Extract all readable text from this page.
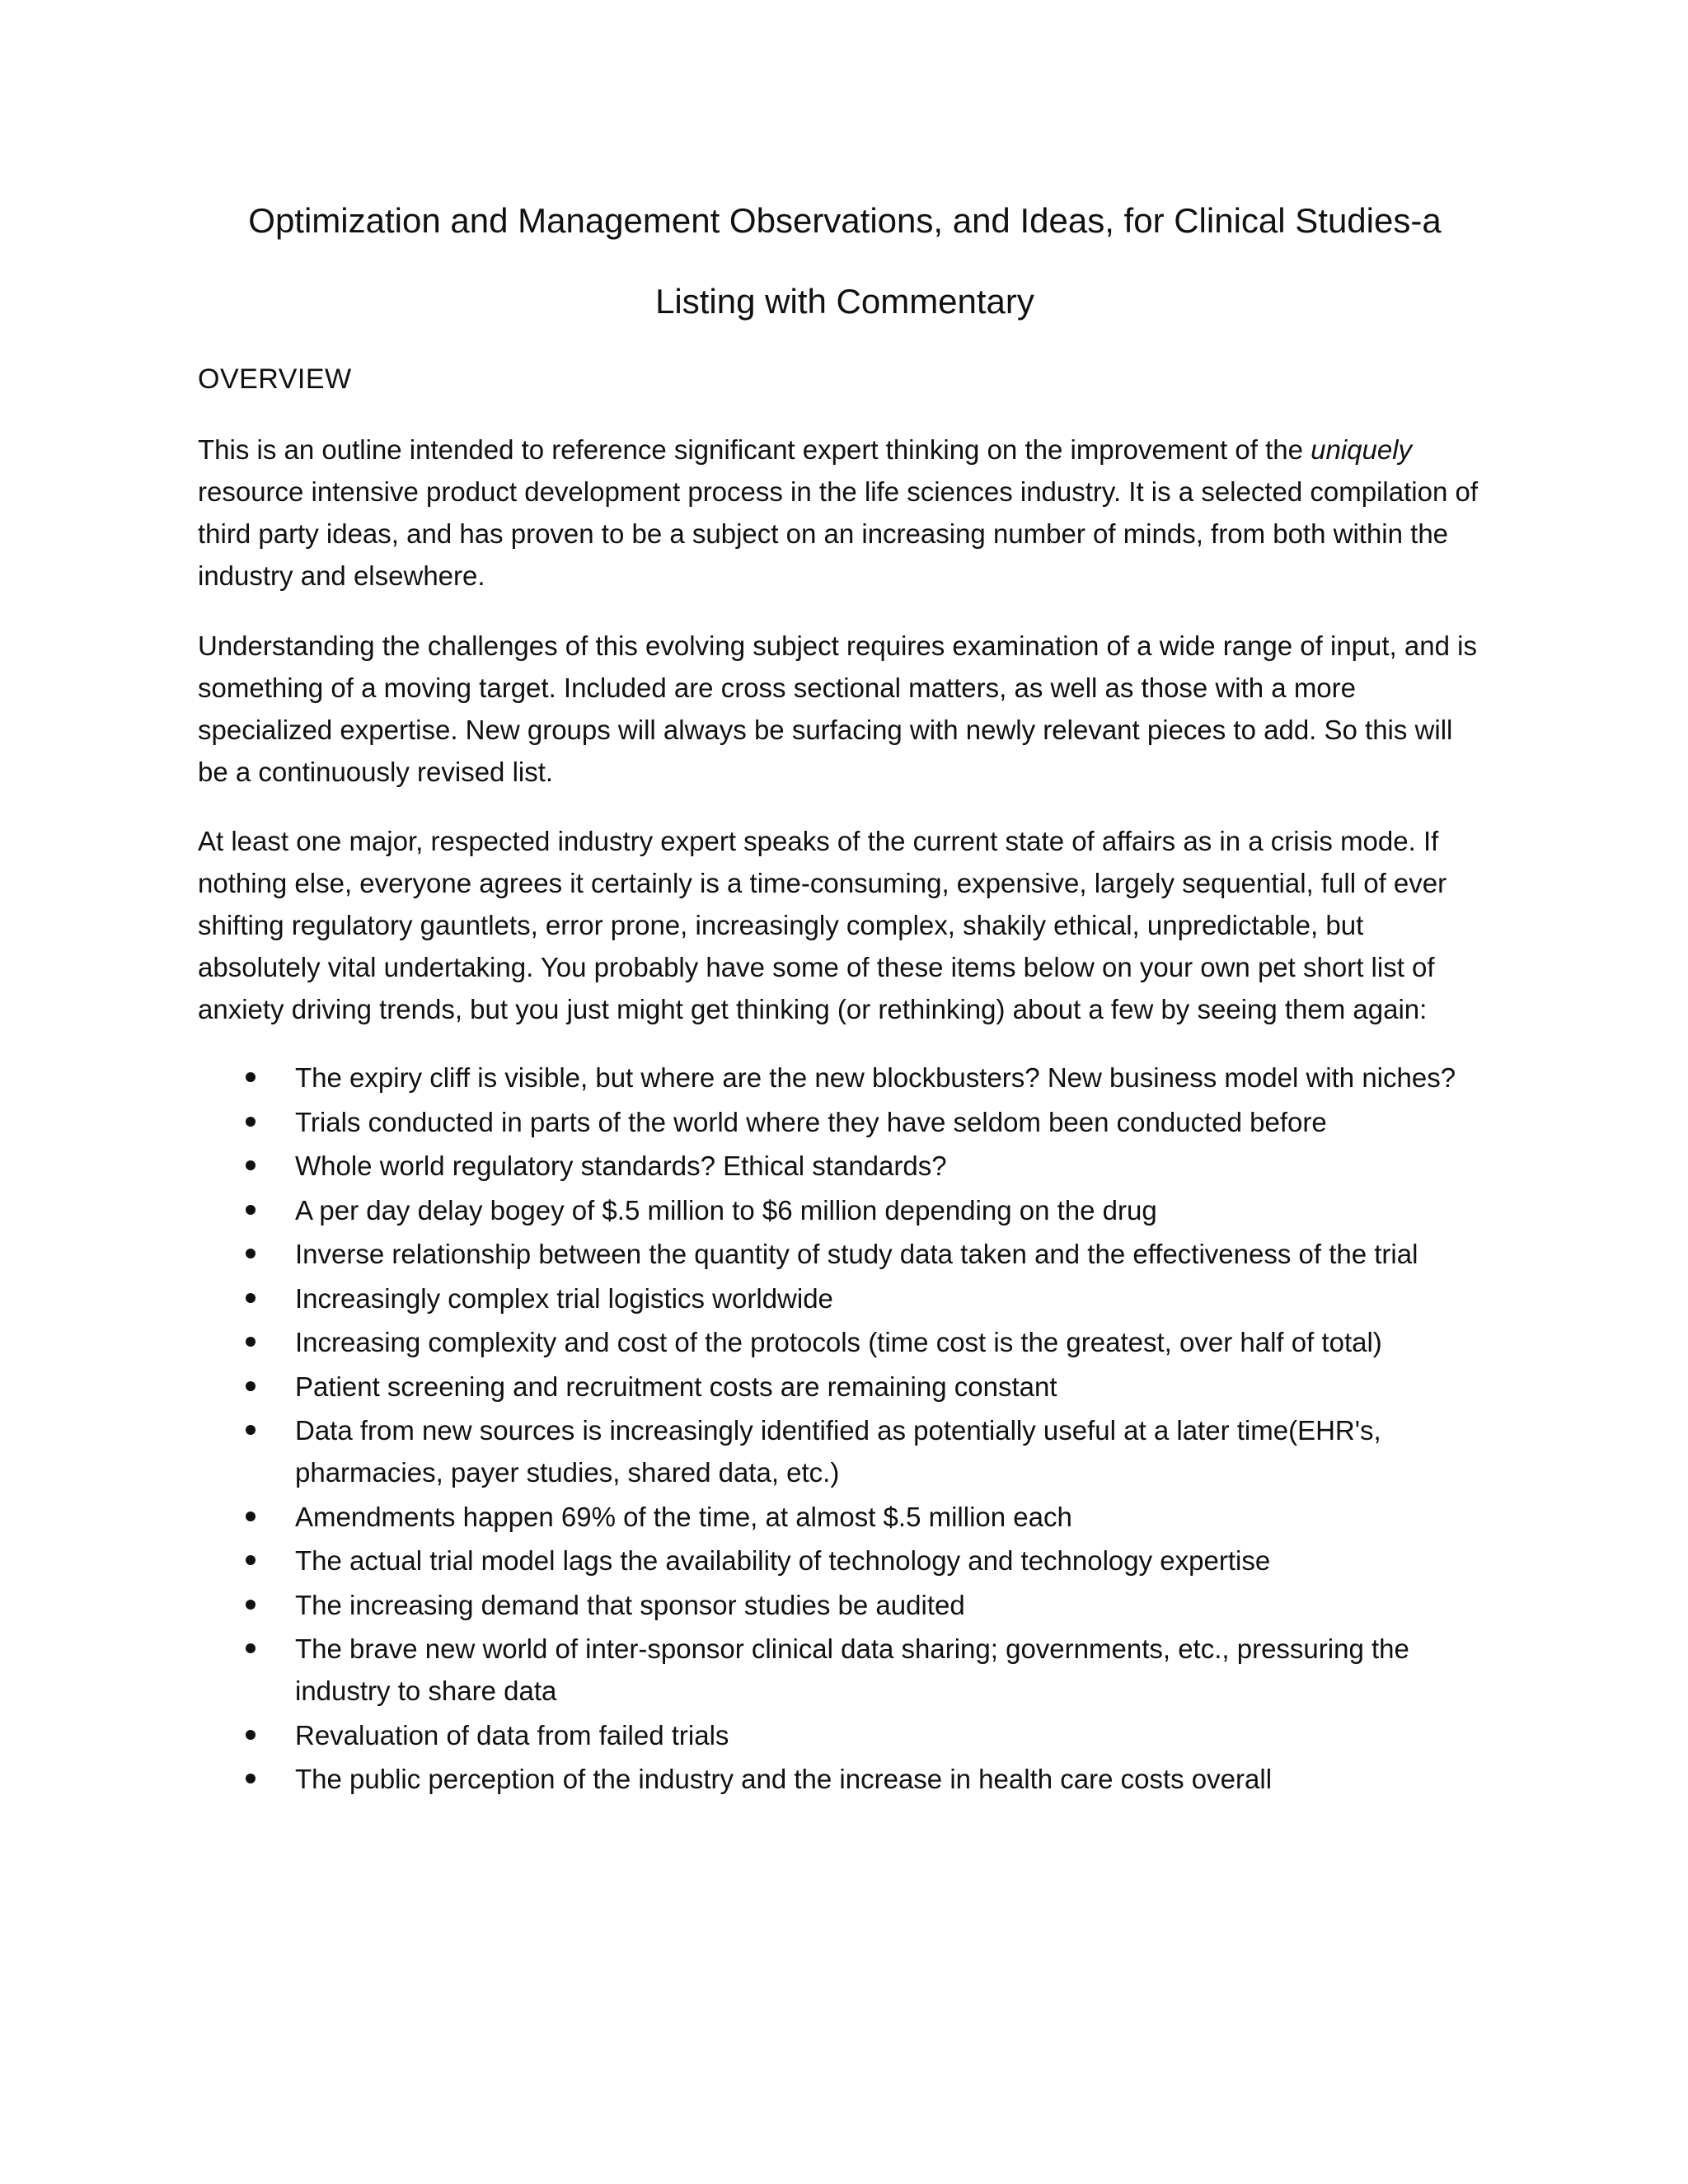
Optimization and Management Observations, and Ideas, for Clinical Studies-a
Listing with Commentary
OVERVIEW

This is an outline intended to reference significant expert thinking on the improvement of the uniquely resource intensive product development process in the life sciences industry. It is a selected compilation of third party ideas, and has proven to be a subject on an increasing number of minds, from both within the industry and elsewhere.

Understanding the challenges of this evolving subject requires examination of a wide range of input, and is something of a moving target. Included are cross sectional matters, as well as those with a more specialized expertise. New groups will always be surfacing with newly relevant pieces to add. So this will be a continuously revised list.

At least one major, respected industry expert speaks of the current state of affairs as in a crisis mode. If nothing else, everyone agrees it certainly is a time-consuming, expensive, largely sequential, full of ever shifting regulatory gauntlets, error prone, increasingly complex, shakily ethical, unpredictable, but absolutely vital undertaking. You probably have some of these items below on your own pet short list of anxiety driving trends, but you just might get thinking (or rethinking) about a few by seeing them again:

The expiry cliff is visible, but where are the new blockbusters? New business model with niches?
Trials conducted in parts of the world where they have seldom been conducted before
Whole world regulatory standards? Ethical standards?
A per day delay bogey of $.5 million to $6 million depending on the drug
Inverse relationship between the quantity of study data taken and the effectiveness of the trial
Increasingly complex trial logistics worldwide
Increasing complexity and cost of the protocols (time cost is the greatest, over half of total)
Patient screening and recruitment costs are remaining constant
Data from new sources is increasingly identified as potentially useful at a later time(EHR's, pharmacies, payer studies, shared data, etc.)
Amendments happen 69% of the time, at almost $.5 million each
The actual trial model lags the availability of technology and technology expertise
The increasing demand that sponsor studies be audited
The brave new world of inter-sponsor clinical data sharing; governments, etc., pressuring the industry to share data
Revaluation of data from failed trials
The public perception of the industry and the increase in health care costs overall
